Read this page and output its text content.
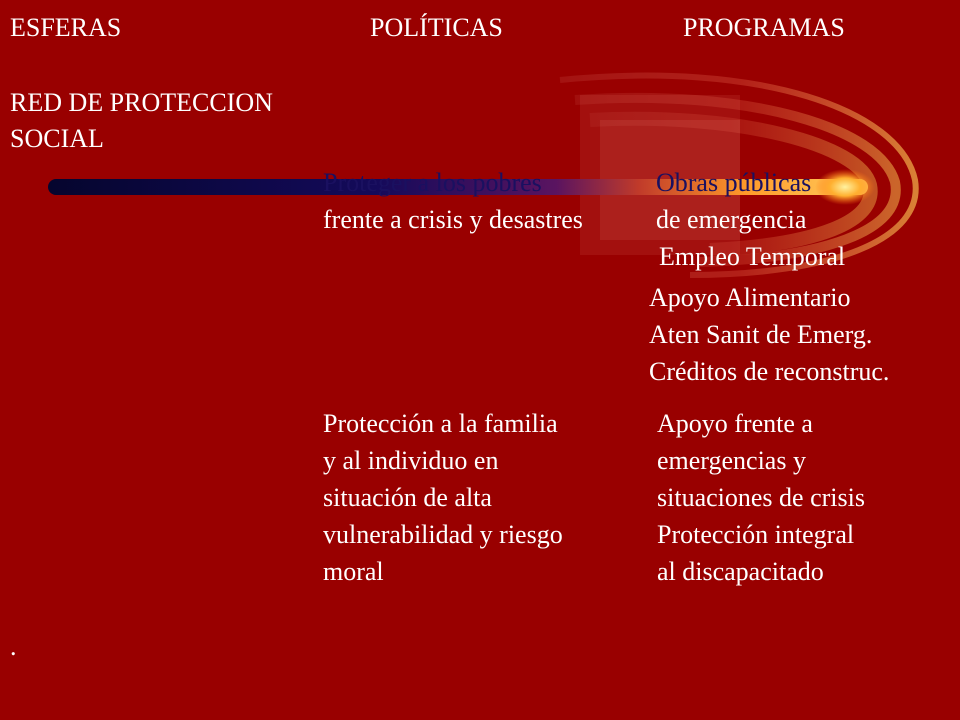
ESFERAS	POLÍTICAS	PROGRAMAS
RED DE PROTECCION
SOCIAL
Proteger a los pobres
frente a crisis y desastres
Obras públicas
de emergencia
Empleo Temporal
Apoyo Alimentario
Aten Sanit de Emerg.
Créditos de reconstruc.
Protección a la familia
y al individuo en
situación de alta
vulnerabilidad y riesgo
moral
Apoyo frente a
emergencias y
situaciones de crisis
Protección integral
al discapacitado
.
